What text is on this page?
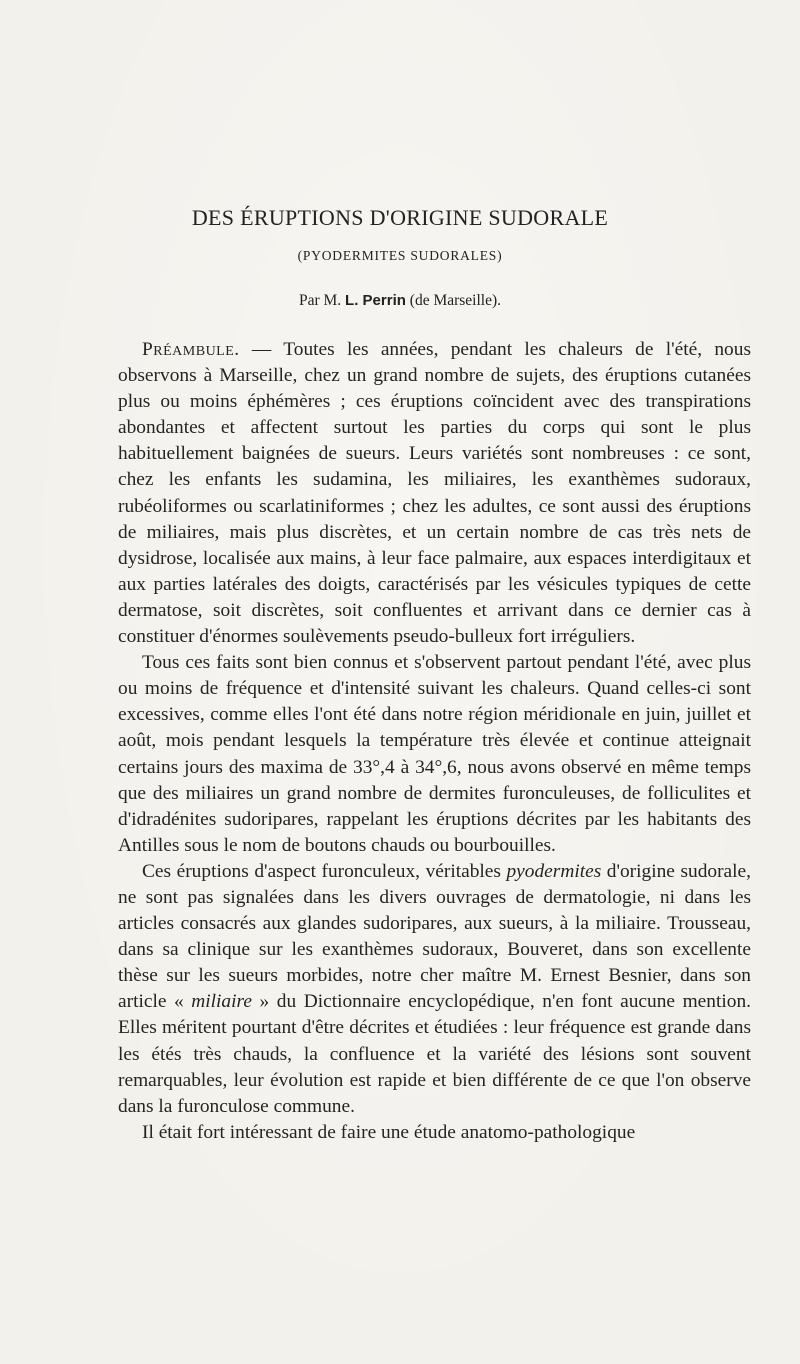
DES ÉRUPTIONS D'ORIGINE SUDORALE
(PYODERMITES SUDORALES)
Par M. L. Perrin (de Marseille).

Préambule. — Toutes les années, pendant les chaleurs de l'été, nous observons à Marseille, chez un grand nombre de sujets, des éruptions cutanées plus ou moins éphémères ; ces éruptions coïncident avec des transpirations abondantes et affectent surtout les parties du corps qui sont le plus habituellement baignées de sueurs. Leurs variétés sont nombreuses : ce sont, chez les enfants les sudamina, les miliaires, les exanthèmes sudoraux, rubéoliformes ou scarlatiniformes ; chez les adultes, ce sont aussi des éruptions de miliaires, mais plus discrètes, et un certain nombre de cas très nets de dysidrose, localisée aux mains, à leur face palmaire, aux espaces interdigitaux et aux parties latérales des doigts, caractérisés par les vésicules typiques de cette dermatose, soit discrètes, soit confluentes et arrivant dans ce dernier cas à constituer d'énormes soulèvements pseudo-bulleux fort irréguliers.

Tous ces faits sont bien connus et s'observent partout pendant l'été, avec plus ou moins de fréquence et d'intensité suivant les chaleurs. Quand celles-ci sont excessives, comme elles l'ont été dans notre région méridionale en juin, juillet et août, mois pendant lesquels la température très élevée et continue atteignait certains jours des maxima de 33°,4 à 34°,6, nous avons observé en même temps que des miliaires un grand nombre de dermites furonculeuses, de folliculites et d'idradénites sudoripares, rappelant les éruptions décrites par les habitants des Antilles sous le nom de boutons chauds ou bourbouilles.

Ces éruptions d'aspect furonculeux, véritables pyodermites d'origine sudorale, ne sont pas signalées dans les divers ouvrages de dermatologie, ni dans les articles consacrés aux glandes sudoripares, aux sueurs, à la miliaire. Trousseau, dans sa clinique sur les exanthèmes sudoraux, Bouveret, dans son excellente thèse sur les sueurs morbides, notre cher maître M. Ernest Besnier, dans son article « miliaire » du Dictionnaire encyclopédique, n'en font aucune mention. Elles méritent pourtant d'être décrites et étudiées : leur fréquence est grande dans les étés très chauds, la confluence et la variété des lésions sont souvent remarquables, leur évolution est rapide et bien différente de ce que l'on observe dans la furonculose commune.

Il était fort intéressant de faire une étude anatomo-pathologique
